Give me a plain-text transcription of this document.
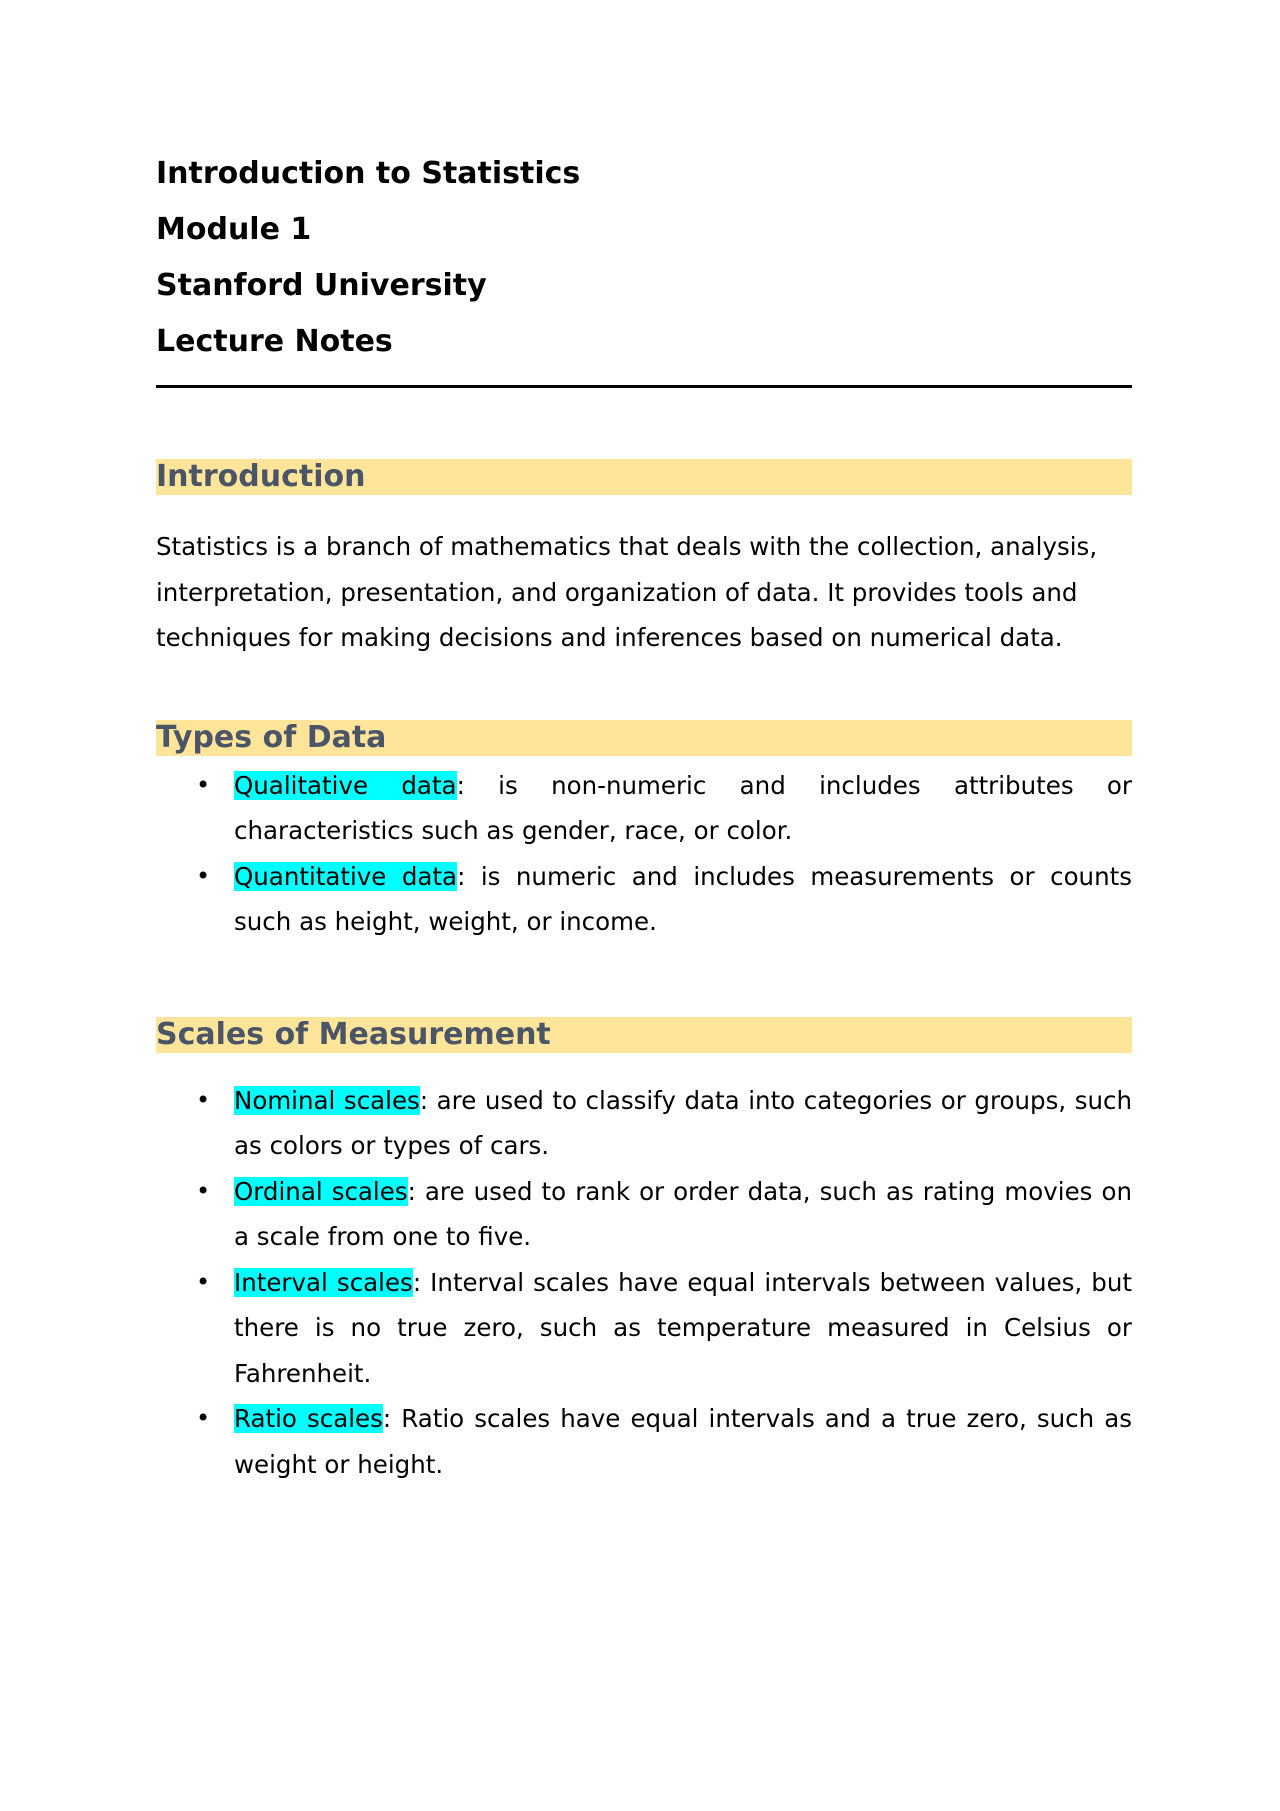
Introduction to Statistics

Module 1

Stanford University

Lecture Notes

Introduction

Statistics is a branch of mathematics that deals with the collection, analysis, interpretation, presentation, and organization of data. It provides tools and techniques for making decisions and inferences based on numerical data.

Types of Data
• Qualitative data: is non-numeric and includes attributes or characteristics such as gender, race, or color.
• Quantitative data: is numeric and includes measurements or counts such as height, weight, or income.
Scales of Measurement
• Nominal scales: are used to classify data into categories or groups, such as colors or types of cars.
• Ordinal scales: are used to rank or order data, such as rating movies on a scale from one to five.
• Interval scales: Interval scales have equal intervals between values, but there is no true zero, such as temperature measured in Celsius or Fahrenheit.
• Ratio scales: Ratio scales have equal intervals and a true zero, such as weight or height.
